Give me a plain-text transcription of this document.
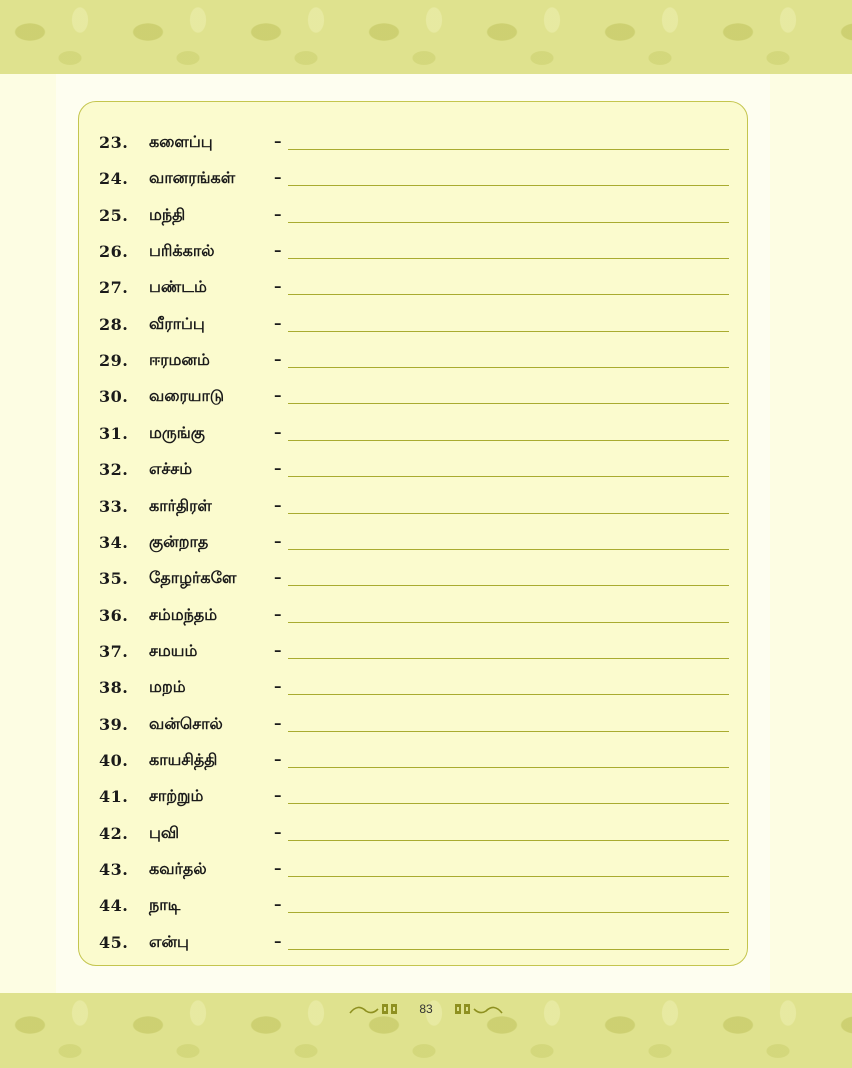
23. களைப்பு	–
24. வானரங்கள்	–
25. மந்தி	–
26. பரிக்கால்	–
27. பண்டம்	–
28. வீராப்பு	–
29. ஈரமனம்	–
30. வரையாடு	–
31. மருங்கு	–
32. எச்சம்	–
33. கார்திரள்	–
34. குன்றாத	–
35. தோழர்களே	–
36. சம்மந்தம்	–
37. சமயம்	–
38. மறம்	–
39. வன்சொல்	–
40. காயசித்தி	–
41. சாற்றும்	–
42. புவி	–
43. கவர்தல்	–
44. நாடி	–
45. என்பு	–
83
